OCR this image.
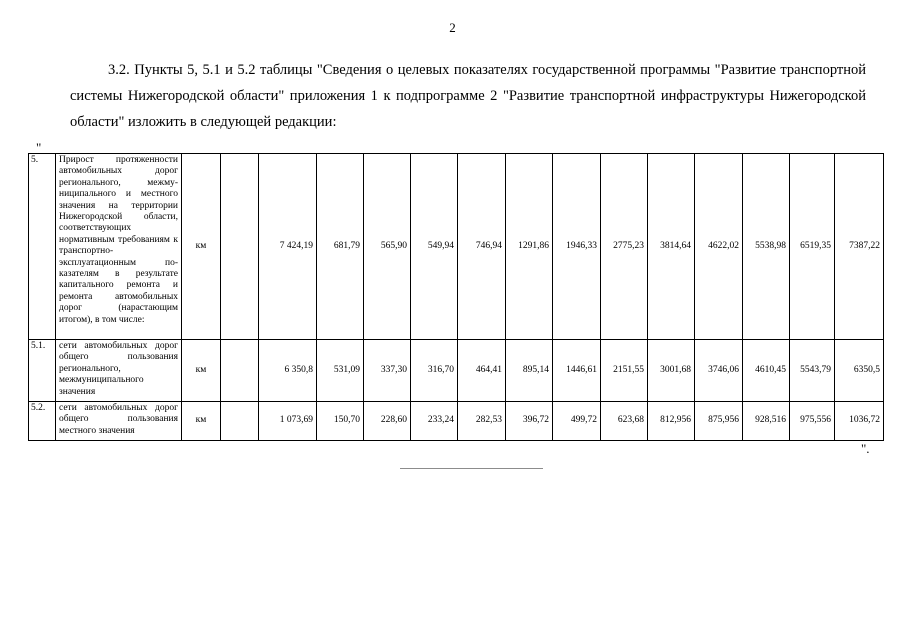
2
3.2. Пункты 5, 5.1 и 5.2 таблицы "Сведения о целевых показателях государственной программы "Развитие транспортной системы Нижегородской области" приложения 1 к подпрограмме 2 "Развитие транспортной инфраструктуры Нижегородской области" изложить в следующей редакции:
"
5.	Прирост протяженности автомобильных дорог регионального, межмуниципального и местного значения на территории Нижегородской области, соответствующих нормативным требованиям к транспортно-эксплуатационным показателям в результате капитального ремонта и ремонта автомобильных дорог (нарастающим итогом), в том числе:	км		7 424,19	681,79	565,90	549,94	746,94	1291,86	1946,33	2775,23	3814,64	4622,02	5538,98	6519,35	7387,22
5.1.	сети автомобильных дорог общего пользования регионального, межмуниципального значения	км		6 350,8	531,09	337,30	316,70	464,41	895,14	1446,61	2151,55	3001,68	3746,06	4610,45	5543,79	6350,5
5.2.	сети автомобильных дорог общего пользования местного значения	км		1 073,69	150,70	228,60	233,24	282,53	396,72	499,72	623,68	812,956	875,956	928,516	975,556	1036,72
".
